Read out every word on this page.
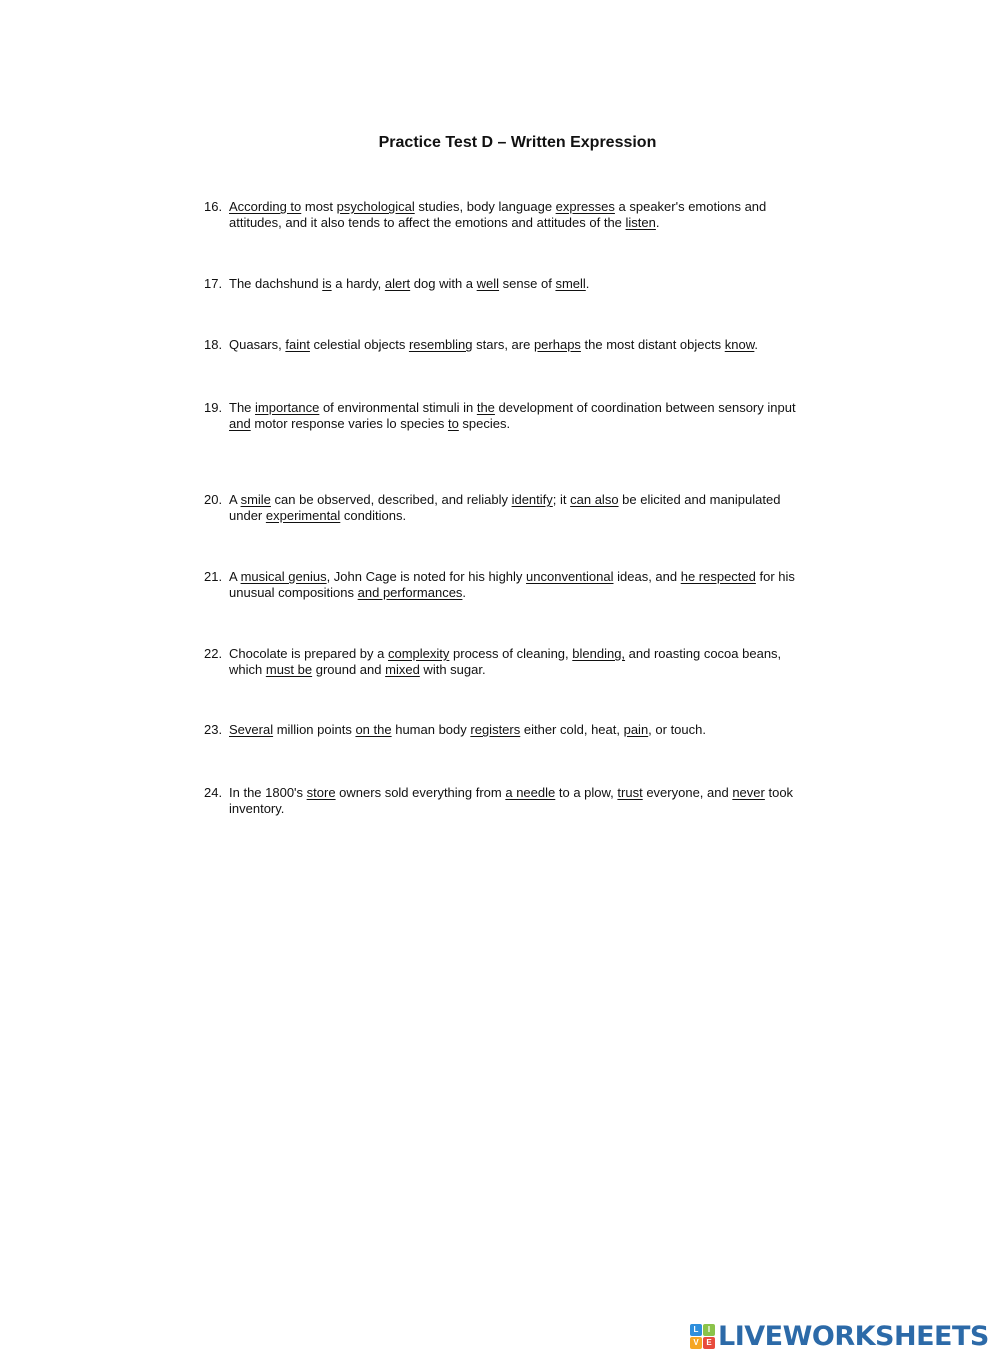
Practice Test D – Written Expression
16. According to most psychological studies, body language expresses a speaker's emotions and attitudes, and it also tends to affect the emotions and attitudes of the listen.
17. The dachshund is a hardy, alert dog with a well sense of smell.
18. Quasars, faint celestial objects resembling stars, are perhaps the most distant objects know.
19. The importance of environmental stimuli in the development of coordination between sensory input and motor response varies lo species to species.
20. A smile can be observed, described, and reliably identify; it can also be elicited and manipulated under experimental conditions.
21. A musical genius, John Cage is noted for his highly unconventional ideas, and he respected for his unusual compositions and performances.
22. Chocolate is prepared by a complexity process of cleaning, blending, and roasting cocoa beans, which must be ground and mixed with sugar.
23. Several million points on the human body registers either cold, heat, pain, or touch.
24. In the 1800's store owners sold everything from a needle to a plow, trust everyone, and never took inventory.
L	I
V E LIVEWORKSHEETS
